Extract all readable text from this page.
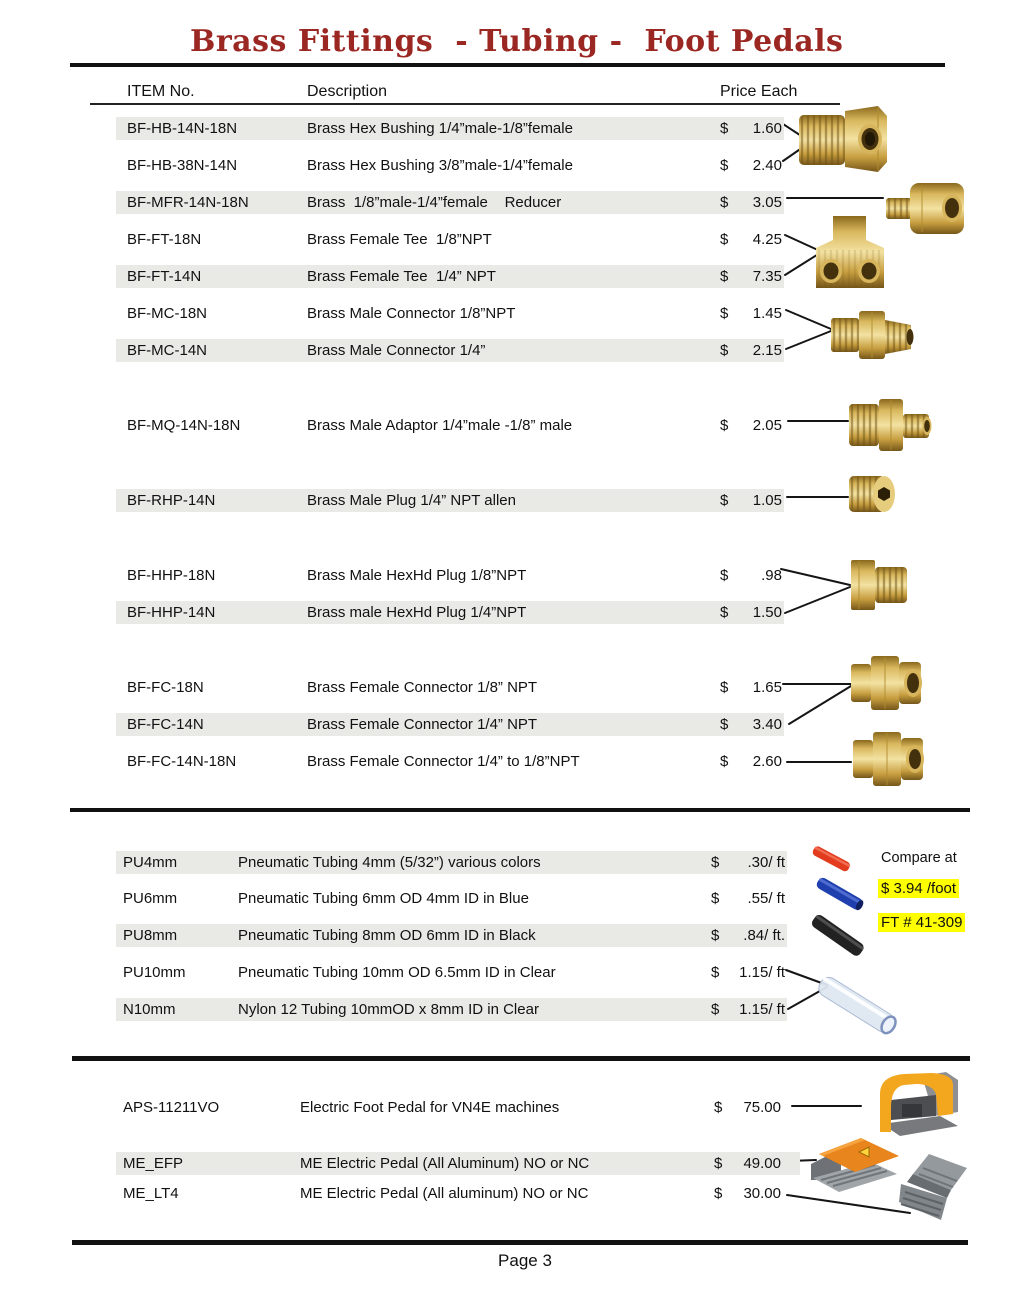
Brass Fittings  - Tubing -  Foot Pedals
ITEM No.	Description	Price Each
Compare at
$ 3.94 /foot
FT # 41-309
Page 3
BF-HB-14N-18N	Brass Hex Bushing 1/4”male-1/8”female	$ 1.60
BF-HB-38N-14N	Brass Hex Bushing 3/8”male-1/4”female	$ 2.40
BF-MFR-14N-18N	Brass  1/8”male-1/4”female    Reducer	$ 3.05
BF-FT-18N	Brass Female Tee  1/8”NPT	$ 4.25
BF-FT-14N	Brass Female Tee  1/4” NPT	$ 7.35
BF-MC-18N	Brass Male Connector 1/8”NPT	$ 1.45
BF-MC-14N	Brass Male Connector 1/4”	$ 2.15
BF-MQ-14N-18N	Brass Male Adaptor 1/4”male -1/8” male	$ 2.05
BF-RHP-14N	Brass Male Plug 1/4” NPT allen	$ 1.05
BF-HHP-18N	Brass Male HexHd Plug 1/8”NPT	$ .98
BF-HHP-14N	Brass male HexHd Plug 1/4”NPT	$ 1.50
BF-FC-18N	Brass Female Connector 1/8” NPT	$ 1.65
BF-FC-14N	Brass Female Connector 1/4” NPT	$ 3.40
BF-FC-14N-18N	Brass Female Connector 1/4” to 1/8”NPT	$ 2.60
PU4mm	Pneumatic Tubing 4mm (5/32”) various colors	$ .30/ ft
PU6mm	Pneumatic Tubing 6mm OD 4mm ID in Blue	$ .55/ ft
PU8mm	Pneumatic Tubing 8mm OD 6mm ID in Black	$ .84/ ft.
PU10mm	Pneumatic Tubing 10mm OD 6.5mm ID in Clear	$ 1.15/ ft
N10mm	Nylon 12 Tubing 10mmOD x 8mm ID in Clear	$ 1.15/ ft
APS-11211VO	Electric Foot Pedal for VN4E machines	$ 75.00
ME_EFP	ME Electric Pedal (All Aluminum) NO or NC	$ 49.00
ME_LT4	ME Electric Pedal (All aluminum) NO or NC	$ 30.00
